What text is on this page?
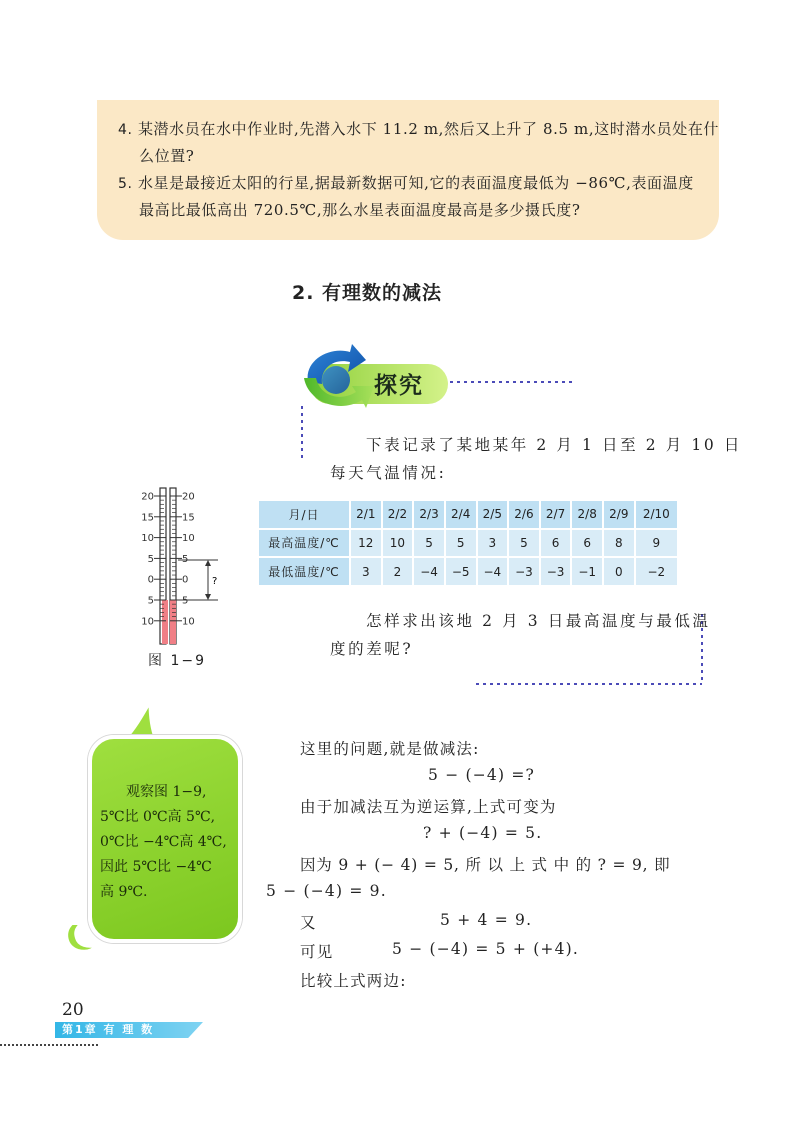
4. 某潜水员在水中作业时,先潜入水下 11.2 m,然后又上升了 8.5 m,这时潜水员处在什
么位置?
5. 水星是最接近太阳的行星,据最新数据可知,它的表面温度最低为 −86℃,表面温度
最高比最低高出 720.5℃,那么水星表面温度最高是多少摄氏度?
2. 有理数的减法
探究
下表记录了某地某年 2 月 1 日至 2 月 10 日
每天气温情况:
月/日	2/1	2/2	2/3	2/4	2/5	2/6	2/7	2/8	2/9	2/10
最高温度/℃	12	10	5	5	3	5	6	6	8	9
最低温度/℃	3	2	−4	−5	−4	−3	−3	−1	0	−2
20
15
10
5
0
5
10
20
15
10
5
0
5
10
?
图 1−9
怎样求出该地 2 月 3 日最高温度与最低温
度的差呢?
观察图 1−9,
5℃比 0℃高 5℃,
0℃比 −4℃高 4℃,
因此 5℃比 −4℃
高 9℃.
这里的问题,就是做减法:
5 − (−4) =?
由于加减法互为逆运算,上式可变为
? + (−4) = 5.
因为 9 + (− 4) = 5, 所 以 上 式 中 的 ? = 9, 即
5 − (−4) = 9.
又	5 + 4 = 9.
可见	5 − (−4) = 5 + (+4).
比较上式两边:
20
第1章 有 理 数
